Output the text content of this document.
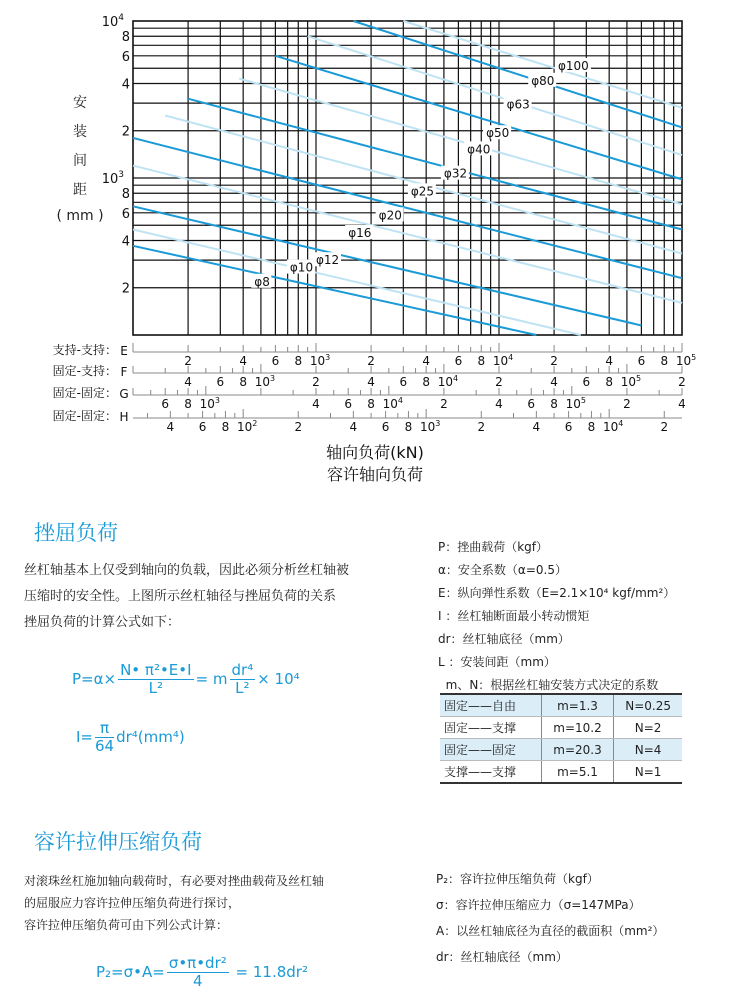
φ8
φ10
φ12
φ16
φ20
φ25
φ32
φ40
φ50
φ63
φ80
φ100
$10^4$
8
6
4
2
$10^3$
8
6
4
2
2	4 6 8 $10^3$	2	4 6 8 $10^4$	2	4 6 8 $10^5$
支持-支持： E
4 6 8 $10^3$	2	4 6 8 $10^4$	2	4 6 8 $10^5$	2
固定-支持： F
6 8 $10^3$	4 6 8 $10^4$	2	4 6 8 $10^5$	2	4
固定-固定： G
4 6 8 $10^2$	2	4 6 8 $10^3$	2	4 6 8 $10^4$	2
固定-固定： H
安
装
间
距
( mm )
轴向负荷(kN)
容许轴向负荷
挫屈负荷
丝杠轴基本上仅受到轴向的负载，因此必须分析丝杠轴被
压缩时的安全性。上图所示丝杠轴径与挫屈负荷的关系
挫屈负荷的计算公式如下：
$P=\alpha\times \frac{\text{N• π²•E•I}}{\text{L²}} = m \frac{\text{dr⁴}}{\text{L²}} \times 10^4$
$I= \frac{\pi}{64} dr^4(mm^4)$
P：挫曲载荷（kgf）
α：安全系数（α=0.5）
E：纵向弹性系数（E=2.1×10⁴ kgf/mm²）
I ：丝杠轴断面最小转动惯矩
dr：丝杠轴底径（mm）
L ：安装间距（mm）
m、N：根据丝杠轴安装方式决定的系数
固定——自由	m=1.3	N=0.25
固定——支撑	m=10.2	N=2
固定——固定	m=20.3	N=4
支撑——支撑	m=5.1	N=1
容许拉伸压缩负荷
对滚珠丝杠施加轴向载荷时，有必要对挫曲载荷及丝杠轴
的屈服应力容许拉伸压缩负荷进行探讨，
容许拉伸压缩负荷可由下列公式计算：
P₂=σ•A= $\frac{\text{σ•π•dr²}}{4} = 11.8dr^2$
P₂：容许拉伸压缩负荷（kgf）
σ：容许拉伸压缩应力（σ=147MPa）
A：以丝杠轴底径为直径的截面积（mm²）
dr：丝杠轴底径（mm）
